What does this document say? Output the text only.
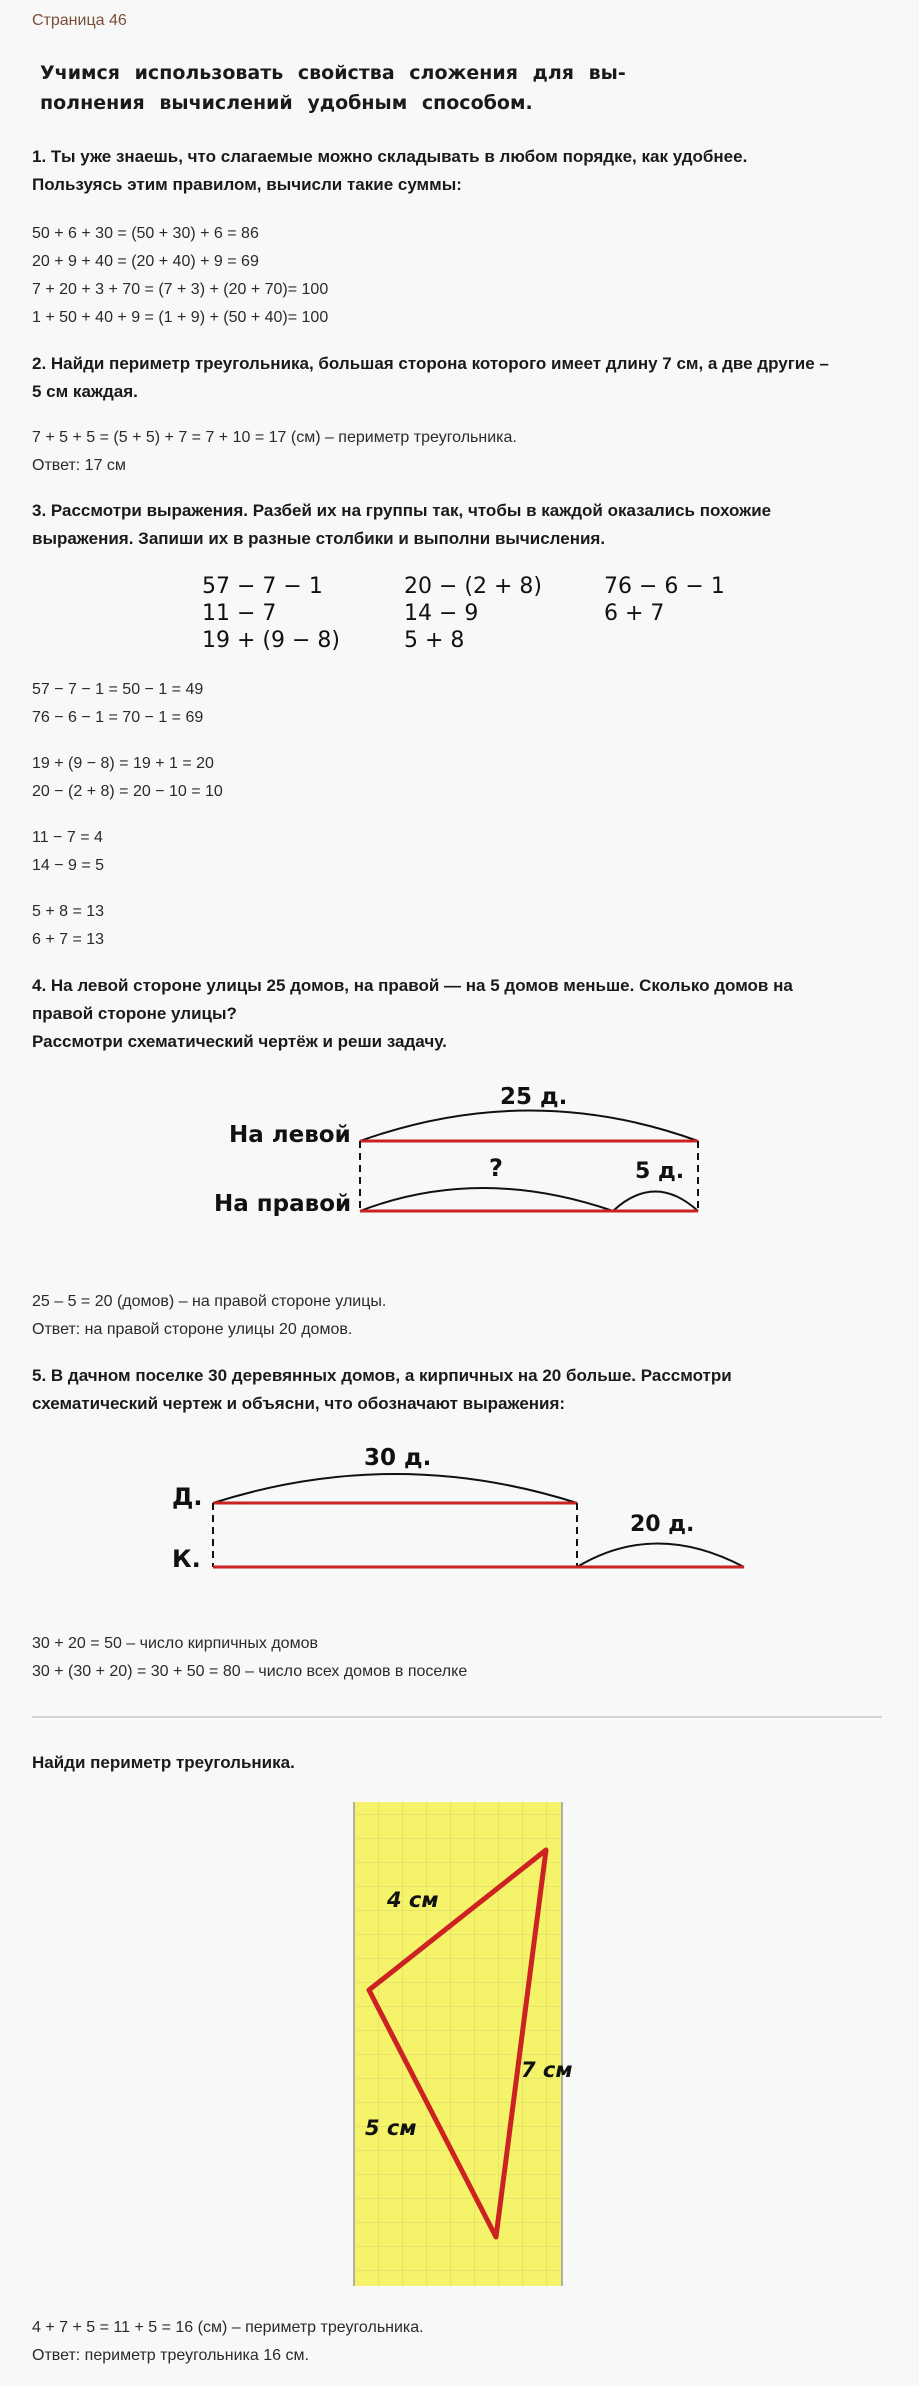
Страница 46
Учимся использовать свойства сложения для вы-
полнения вычислений удобным способом.
1. Ты уже знаешь, что слагаемые можно складывать в любом порядке, как удобнее.
Пользуясь этим правилом, вычисли такие суммы:
50 + 6 + 30 = (50 + 30) + 6 = 86
20 + 9 + 40 = (20 + 40) + 9 = 69
7 + 20 + 3 + 70 = (7 + 3) + (20 + 70)= 100
1 + 50 + 40 + 9 = (1 + 9) + (50 + 40)= 100
2. Найди периметр треугольника, большая сторона которого имеет длину 7 см, а две другие –
5 см каждая.
7 + 5 + 5 = (5 + 5) + 7 = 7 + 10 = 17 (см) – периметр треугольника.
Ответ: 17 см
3. Рассмотри выражения. Разбей их на группы так, чтобы в каждой оказались похожие
выражения. Запиши их в разные столбики и выполни вычисления.
57 − 7 − 1
11 − 7
19 + (9 − 8)
20 − (2 + 8)
14 − 9
5 + 8
76 − 6 − 1
6 + 7
57 − 7 − 1 = 50 − 1 = 49
76 − 6 − 1 = 70 − 1 = 69
19 + (9 − 8) = 19 + 1 = 20
20 − (2 + 8) = 20 − 10 = 10
11 − 7 = 4
14 − 9 = 5
5 + 8 = 13
6 + 7 = 13
4. На левой стороне улицы 25 домов, на правой — на 5 домов меньше. Сколько домов на
правой стороне улицы?
Рассмотри схематический чертёж и реши задачу.
На левой
На правой
25 д.
?	5 д.
25 – 5 = 20 (домов) – на правой стороне улицы.
Ответ: на правой стороне улицы 20 домов.
5. В дачном поселке 30 деревянных домов, а кирпичных на 20 больше. Рассмотри
схематический чертеж и объясни, что обозначают выражения:
Д.
К.
30 д.
20 д.
30 + 20 = 50 – число кирпичных домов
30 + (30 + 20) = 30 + 50 = 80 – число всех домов в поселке
Найди периметр треугольника.
4 см
7 см
5 см
4 + 7 + 5 = 11 + 5 = 16 (см) – периметр треугольника.
Ответ: периметр треугольника 16 см.
